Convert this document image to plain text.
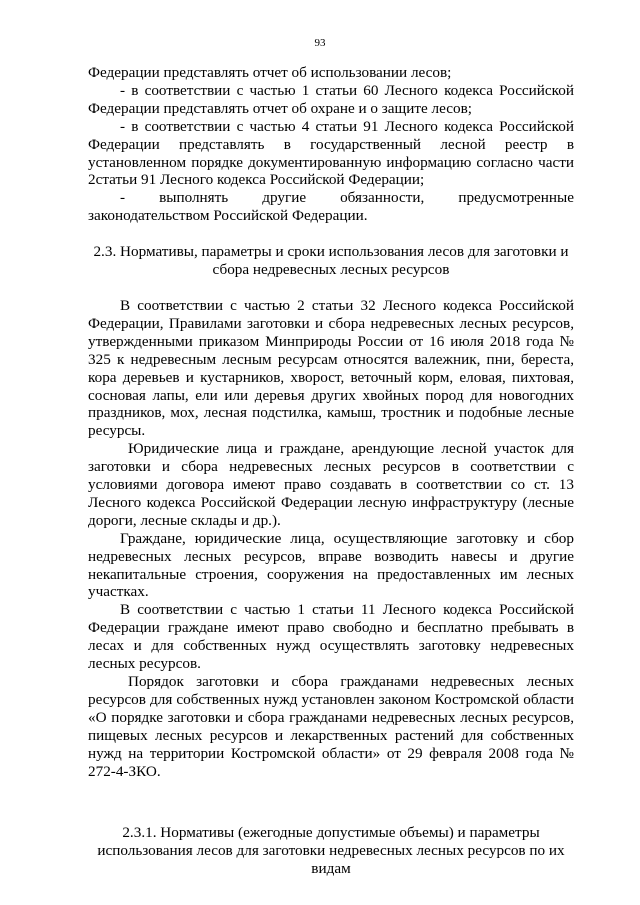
93

Федерации представлять отчет об использовании лесов;

- в соответствии с частью 1 статьи 60 Лесного кодекса Российской Федерации представлять отчет об охране и о защите лесов;

- в соответствии с частью 4 статьи 91 Лесного кодекса Российской Федерации представлять в государственный лесной реестр в установленном порядке документированную информацию согласно части 2статьи 91 Лесного кодекса Российской Федерации;

- выполнять другие обязанности, предусмотренные законодательством Российской Федерации.

2.3. Нормативы, параметры и сроки использования лесов для заготовки и сбора недревесных лесных ресурсов

В соответствии с частью 2 статьи 32 Лесного кодекса Российской Федерации, Правилами заготовки и сбора недревесных лесных ресурсов, утвержденными приказом Минприроды России от 16 июля 2018 года № 325 к недревесным лесным ресурсам относятся валежник, пни, береста, кора деревьев и кустарников, хворост, веточный корм, еловая, пихтовая, сосновая лапы, ели или деревья других хвойных пород для новогодних праздников, мох, лесная подстилка, камыш, тростник и подобные лесные ресурсы.

Юридические лица и граждане, арендующие лесной участок для заготовки и сбора недревесных лесных ресурсов в соответствии с условиями договора имеют право создавать в соответствии со ст. 13 Лесного кодекса Российской Федерации лесную инфраструктуру (лесные дороги, лесные склады и др.).

Граждане, юридические лица, осуществляющие заготовку и сбор недревесных лесных ресурсов, вправе возводить навесы и другие некапитальные строения, сооружения на предоставленных им лесных участках.

В соответствии с частью 1 статьи 11 Лесного кодекса Российской Федерации граждане имеют право свободно и бесплатно пребывать в лесах и для собственных нужд осуществлять заготовку недревесных лесных ресурсов.

Порядок заготовки и сбора гражданами недревесных лесных ресурсов для собственных нужд установлен законом Костромской области «О порядке заготовки и сбора гражданами недревесных лесных ресурсов, пищевых лесных ресурсов и лекарственных растений для собственных нужд на территории Костромской области» от 29 февраля 2008 года № 272-4-ЗКО.

2.3.1. Нормативы (ежегодные допустимые объемы) и параметры использования лесов для заготовки недревесных лесных ресурсов по их видам
